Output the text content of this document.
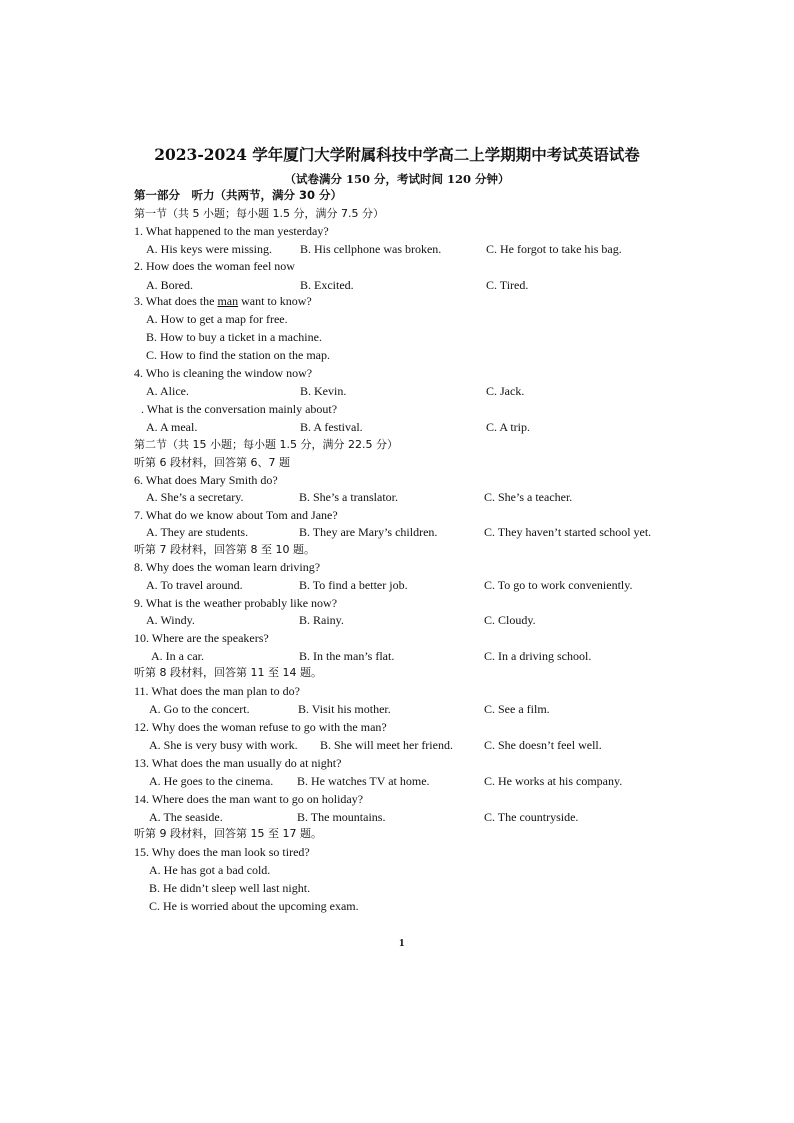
2023-2024 学年厦门大学附属科技中学高二上学期期中考试英语试卷
（试卷满分 150 分，考试时间 120 分钟）
第一部分　听力（共两节，满分 30 分）
第一节（共 5 小题；每小题 1.5 分，满分 7.5 分）
1. What happened to the man yesterday?
A. His keys were missing. B. His cellphone was broken.	C. He forgot to take his bag.
2. How does the woman feel now
A. Bored.	B. Excited.	C. Tired.
3. What does the man want to know?
A. How to get a map for free.
B. How to buy a ticket in a machine.
C. How to find the station on the map.
4. Who is cleaning the window now?
A. Alice.	B. Kevin.	C. Jack.
. What is the conversation mainly about?
A. A meal.	B. A festival.	C. A trip.
第二节（共 15 小题；每小题 1.5 分，满分 22.5 分）
听第 6 段材料，回答第 6、7 题
6. What does Mary Smith do?
A. She’s a secretary.	B. She’s a translator.	C. She’s a teacher.
7. What do we know about Tom and Jane?
A. They are students.	B. They are Mary’s children.	C. They haven’t started school yet.
听第 7 段材料，回答第 8 至 10 题。
8. Why does the woman learn driving?
A. To travel around.	B. To find a better job.	C. To go to work conveniently.
9. What is the weather probably like now?
A. Windy.	B. Rainy.	C. Cloudy.
10. Where are the speakers?
A. In a car.	B. In the man’s flat.	C. In a driving school.
听第 8 段材料，回答第 11 至 14 题。
11. What does the man plan to do?
A. Go to the concert.	B. Visit his mother.	C. See a film.
12. Why does the woman refuse to go with the man?
A. She is very busy with work. B. She will meet her friend.	C. She doesn’t feel well.
13. What does the man usually do at night?
A. He goes to the cinema. B. He watches TV at home.	C. He works at his company.
14. Where does the man want to go on holiday?
A. The seaside.	B. The mountains.	C. The countryside.
听第 9 段材料，回答第 15 至 17 题。
15. Why does the man look so tired?
A. He has got a bad cold.
B. He didn’t sleep well last night.
C. He is worried about the upcoming exam.
1
